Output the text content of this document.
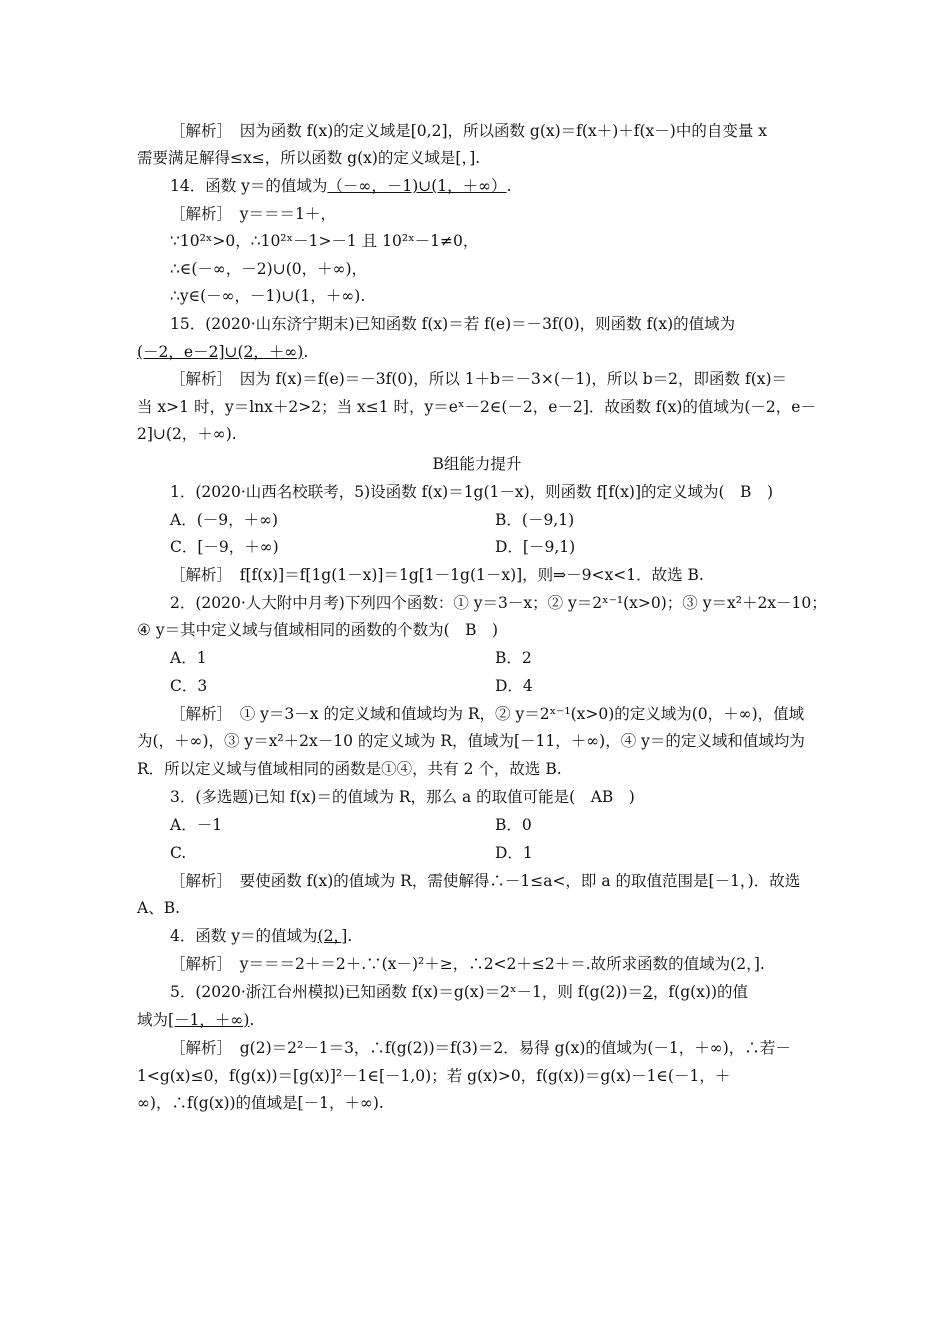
［解析］　因为函数 f(x)的定义域是[0,2]，所以函数 g(x)＝f(x＋)＋f(x－)中的自变量 x
需要满足解得≤x≤，所以函数 g(x)的定义域是[，].
14．函数 y＝的值域为（－∞，－1)∪(1，＋∞）.
［解析］　y＝＝＝1＋，
∵10²ˣ>0，∴10²ˣ－1>－1 且 10²ˣ－1≠0，
∴∈(－∞，－2)∪(0，＋∞)，
∴y∈(－∞，－1)∪(1，＋∞).
15．(2020·山东济宁期末)已知函数 f(x)＝若 f(e)＝－3f(0)，则函数 f(x)的值域为
(－2，e－2]∪(2，＋∞).
［解析］　因为 f(x)＝f(e)＝－3f(0)，所以 1＋b＝－3×(－1)，所以 b＝2，即函数 f(x)＝
当 x>1 时，y＝lnx＋2>2；当 x≤1 时，y＝eˣ－2∈(－2，e－2]．故函数 f(x)的值域为(－2，e－
2]∪(2，＋∞).
B组能力提升
1．(2020·山西名校联考，5)设函数 f(x)＝1g(1－x)，则函数 f[f(x)]的定义域为(　B　)
A．(－9，＋∞)	B．(－9,1)
C．[－9，＋∞)	D．[－9,1)
［解析］　f[f(x)]＝f[1g(1－x)]＝1g[1－1g(1－x)]，则⇒－9<x<1．故选 B.
2．(2020·人大附中月考)下列四个函数：① y＝3－x；② y＝2ˣ⁻¹(x>0)；③ y＝x²＋2x－10；
④ y＝其中定义域与值域相同的函数的个数为(　B　)
A．1	B．2
C．3	D．4
［解析］　① y＝3－x 的定义域和值域均为 R，② y＝2ˣ⁻¹(x>0)的定义域为(0，＋∞)，值域
为(，＋∞)，③ y＝x²＋2x－10 的定义域为 R，值域为[－11，＋∞)，④ y＝的定义域和值域均为
R．所以定义域与值域相同的函数是①④，共有 2 个，故选 B.
3．(多选题)已知 f(x)＝的值域为 R，那么 a 的取值可能是(　AB　)
A．－1	B．0
C.	D．1
［解析］　要使函数 f(x)的值域为 R，需使解得∴－1≤a<，即 a 的取值范围是[－1，)．故选
A、B.
4．函数 y＝的值域为(2，].
［解析］　y＝＝＝2＋＝2＋.∵(x－)²＋≥，∴2<2＋≤2＋＝.故所求函数的值域为(2，].
5．(2020·浙江台州模拟)已知函数 f(x)＝g(x)＝2ˣ－1，则 f(g(2))＝2，f(g(x))的值
域为[－1，＋∞).
［解析］　g(2)＝2²－1＝3，∴f(g(2))＝f(3)＝2．易得 g(x)的值域为(－1，＋∞)，∴若－
1<g(x)≤0，f(g(x))＝[g(x)]²－1∈[－1,0)；若 g(x)>0，f(g(x))＝g(x)－1∈(－1，＋
∞)，∴f(g(x))的值域是[－1，＋∞).
